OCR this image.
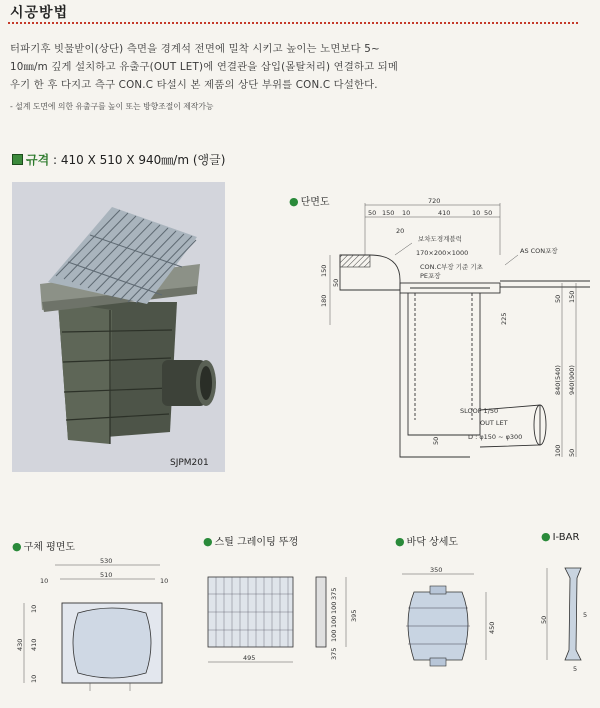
시공방법
터파기후 빗물받이(상단) 측면을 경계석 전면에 밀착 시키고 높이는 노면보다 5~
10㎜/m 깊게 설치하고 유출구(OUT LET)에 연결관을 삽입(몰탈처리) 연결하고 되메
우기 한 후 다지고 측구 CON.C 타설시 본 제품의 상단 부위를 CON.C 다설한다.
- 설계 도면에 의한 유출구를 높이 또는 방향조절이 제작가능
규격 : 410 X 510 X 940㎜/m (앵글)
SJPM201
● 단면도	720
50 150 10	410	10 50
20
보차도경계블럭
170×200×1000	AS CON포장
CON.C부장 기준 기초
PE포장
SLOOF 1/50
OUT LET
D : φ150 ~ φ300
150
50
180	50 150
840(540) 940(900)
100 50
225
50
● 구체 평면도
530
510
10	10
430 410
10
10
● 스틸 그레이팅 뚜껑
495
375
100
100
100
375
395
● 바닥 상세도
350
450
● I-BAR
50
5
5
